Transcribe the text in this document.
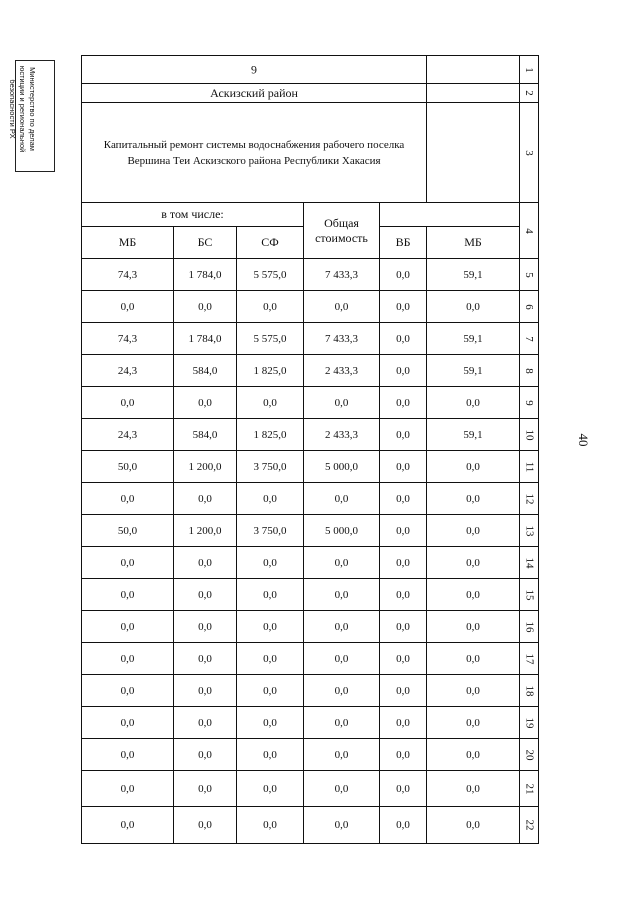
Министерство по делам
юстиции и региональной
безопасности РХ
40
6						1
Аскизский район						2
Капитальный ремонт системы водоснабжения рабочего поселка Вершина Теи Аскизского района Республики Хакасия						3
в том числе:			Общая стоимость			4
МБ	БС	СФ		ВБ	МБ	
74,3	1 784,0	5 575,0	7 433,3	0,0	59,1	5
0,0	0,0	0,0	0,0	0,0	0,0	6
74,3	1 784,0	5 575,0	7 433,3	0,0	59,1	7
24,3	584,0	1 825,0	2 433,3	0,0	59,1	8
0,0	0,0	0,0	0,0	0,0	0,0	9
24,3	584,0	1 825,0	2 433,3	0,0	59,1	10
50,0	1 200,0	3 750,0	5 000,0	0,0	0,0	11
0,0	0,0	0,0	0,0	0,0	0,0	12
50,0	1 200,0	3 750,0	5 000,0	0,0	0,0	13
0,0	0,0	0,0	0,0	0,0	0,0	14
0,0	0,0	0,0	0,0	0,0	0,0	15
0,0	0,0	0,0	0,0	0,0	0,0	16
0,0	0,0	0,0	0,0	0,0	0,0	17
0,0	0,0	0,0	0,0	0,0	0,0	18
0,0	0,0	0,0	0,0	0,0	0,0	19
0,0	0,0	0,0	0,0	0,0	0,0	20
0,0	0,0	0,0	0,0	0,0	0,0	21
0,0	0,0	0,0	0,0	0,0	0,0	22
